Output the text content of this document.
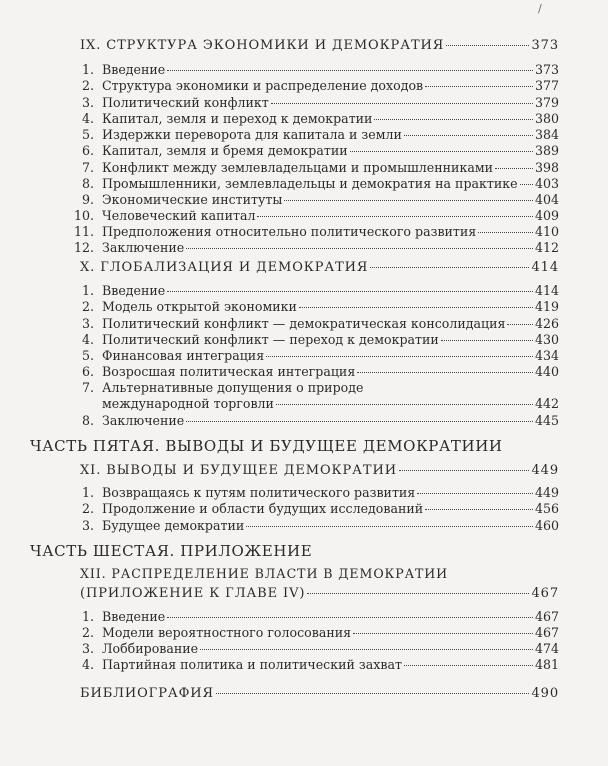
/
IX. СТРУКТУРА ЭКОНОМИКИ И ДЕМОКРАТИЯ	373
1. Введение	373
2. Структура экономики и распределение доходов	377
3. Политический конфликт	379
4. Капитал, земля и переход к демократии	380
5. Издержки переворота для капитала и земли	384
6. Капитал, земля и бремя демократии	389
7. Конфликт между землевладельцами и промышленниками	398
8. Промышленники, землевладельцы и демократия на практике 403
9. Экономические институты	404
10. Человеческий капитал	409
11. Предположения относительно политического развития	410
12. Заключение	412
X. ГЛОБАЛИЗАЦИЯ И ДЕМОКРАТИЯ	414
1. Введение	414
2. Модель открытой экономики	419
3. Политический конфликт — демократическая консолидация 426
4. Политический конфликт — переход к демократии	430
5. Финансовая интеграция	434
6. Возросшая политическая интеграция	440
7. Альтернативные допущения о природе
международной торговли	442
8. Заключение	445
ЧАСТЬ ПЯТАЯ. ВЫВОДЫ И БУДУЩЕЕ ДЕМОКРАТИИИ
XI. ВЫВОДЫ И БУДУЩЕЕ ДЕМОКРАТИИ	449
1. Возвращаясь к путям политического развития	449
2. Продолжение и области будущих исследований	456
3. Будущее демократии	460
ЧАСТЬ ШЕСТАЯ. ПРИЛОЖЕНИЕ
XII. РАСПРЕДЕЛЕНИЕ ВЛАСТИ В ДЕМОКРАТИИ
(ПРИЛОЖЕНИЕ К ГЛАВЕ IV)	467
1. Введение	467
2. Модели вероятностного голосования	467
3. Лоббирование	474
4. Партийная политика и политический захват	481
БИБЛИОГРАФИЯ	490
